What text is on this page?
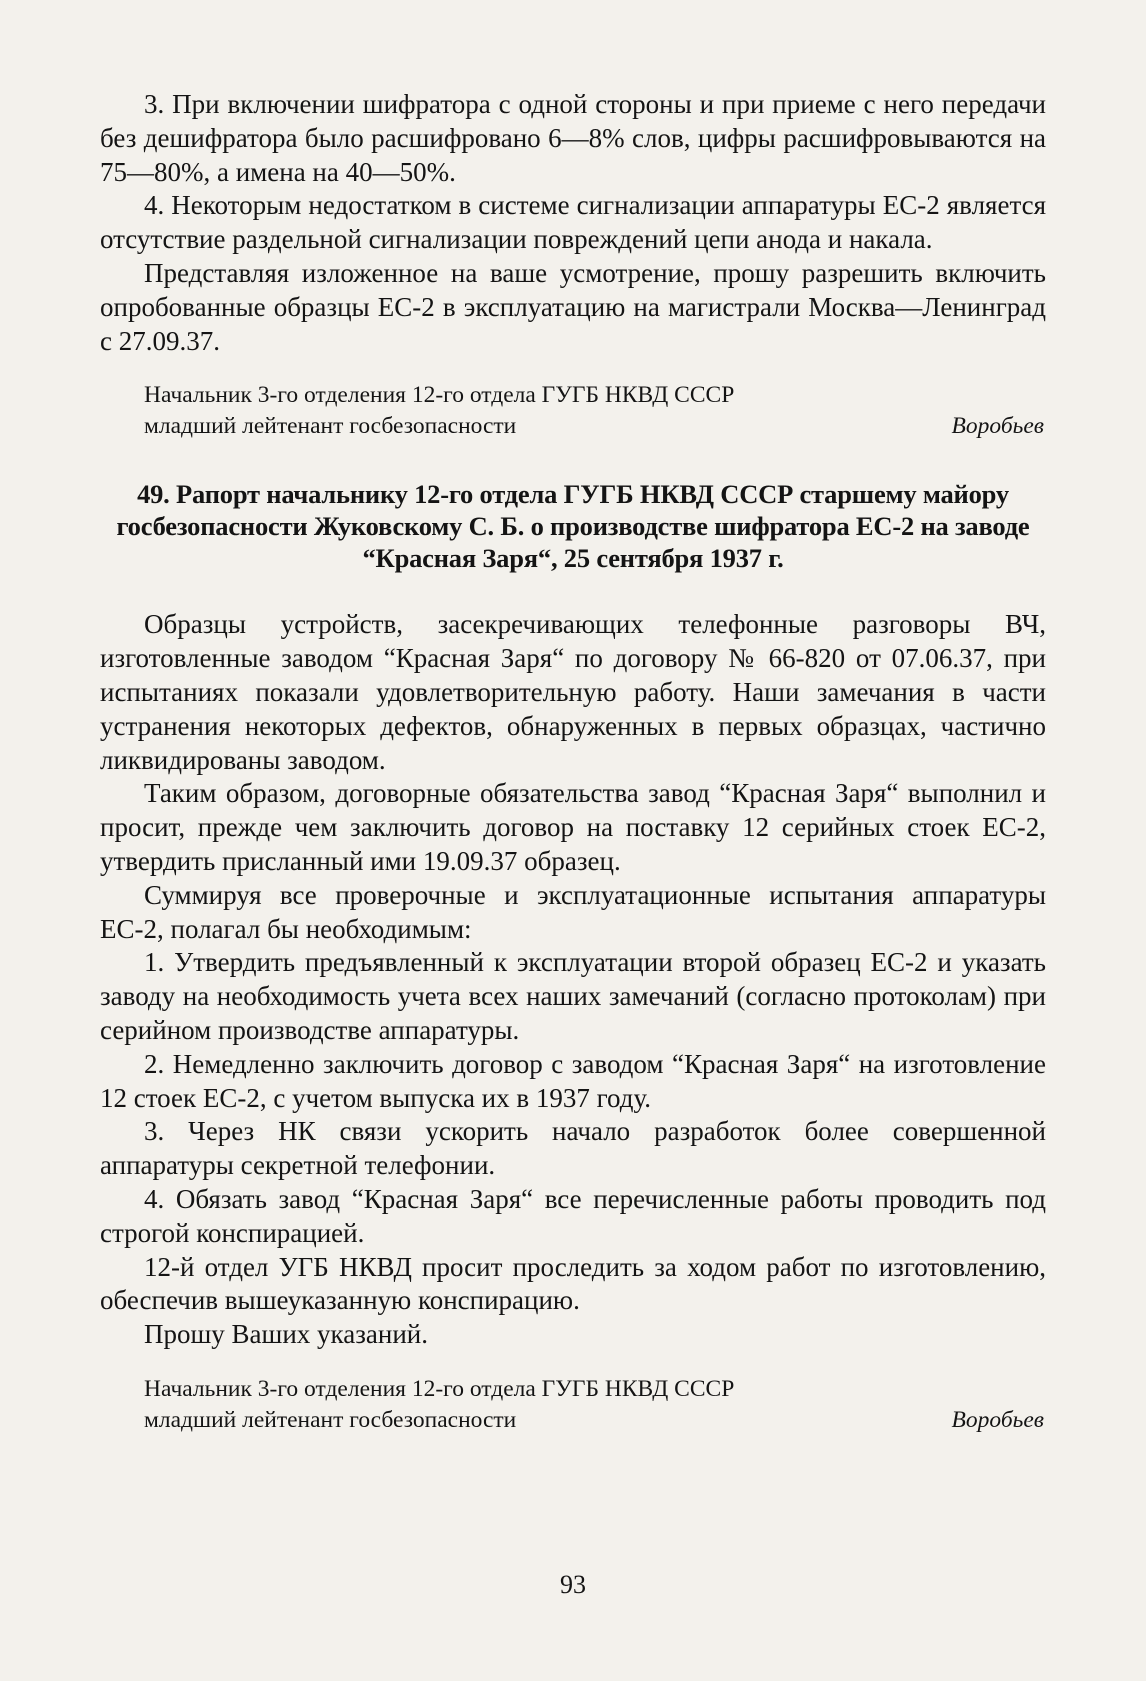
3. При включении шифратора с одной стороны и при приеме с него передачи без дешифратора было расшифровано 6—8% слов, цифры расшифровываются на 75—80%, а имена на 40—50%.

4. Некоторым недостатком в системе сигнализации аппаратуры ЕС-2 является отсутствие раздельной сигнализации повреждений цепи анода и накала.

Представляя изложенное на ваше усмотрение, прошу разрешить включить опробованные образцы ЕС-2 в эксплуатацию на магистрали Москва—Ленинград с 27.09.37.

Начальник 3-го отделения 12-го отдела ГУГБ НКВД СССР
младший лейтенант госбезопасности	Воробьев
49. Рапорт начальнику 12-го отдела ГУГБ НКВД СССР старшему майору госбезопасности Жуковскому С. Б. о производстве шифратора ЕС-2 на заводе “Красная Заря“, 25 сентября 1937 г.

Образцы устройств, засекречивающих телефонные разговоры ВЧ, изготовленные заводом “Красная Заря“ по договору № 66-820 от 07.06.37, при испытаниях показали удовлетворительную работу. Наши замечания в части устранения некоторых дефектов, обнаруженных в первых образцах, частично ликвидированы заводом.

Таким образом, договорные обязательства завод “Красная Заря“ выполнил и просит, прежде чем заключить договор на поставку 12 серийных стоек ЕС-2, утвердить присланный ими 19.09.37 образец.

Суммируя все проверочные и эксплуатационные испытания аппаратуры ЕС-2, полагал бы необходимым:

1. Утвердить предъявленный к эксплуатации второй образец ЕС-2 и указать заводу на необходимость учета всех наших замечаний (согласно протоколам) при серийном производстве аппаратуры.

2. Немедленно заключить договор с заводом “Красная Заря“ на изготовление 12 стоек ЕС-2, с учетом выпуска их в 1937 году.

3. Через НК связи ускорить начало разработок более совершенной аппаратуры секретной телефонии.

4. Обязать завод “Красная Заря“ все перечисленные работы проводить под строгой конспирацией.

12-й отдел УГБ НКВД просит проследить за ходом работ по изготовлению, обеспечив вышеуказанную конспирацию.

Прошу Ваших указаний.

Начальник 3-го отделения 12-го отдела ГУГБ НКВД СССР
младший лейтенант госбезопасности	Воробьев
93
